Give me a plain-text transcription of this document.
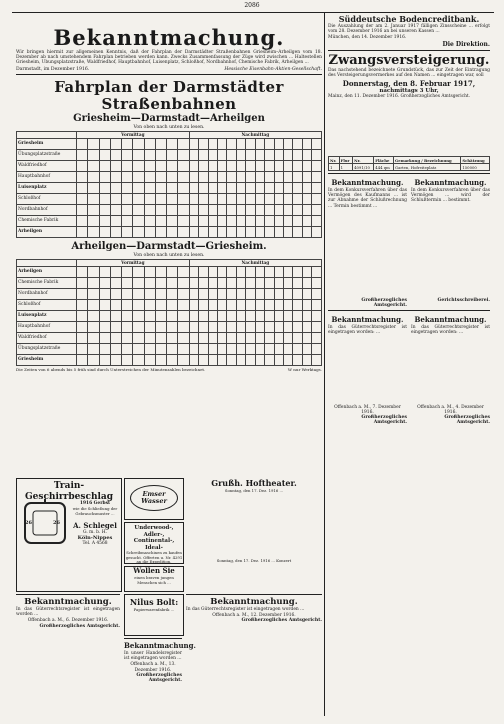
2086
Bekanntmachung.

Wir bringen hiermit zur allgemeinen Kenntnis, daß der Fahrplan der Darmstädter Straßenbahnen Griesheim–Arheilgen vom 18. Dezember ab nach umstehendem Fahrplan betrieben werden kann. Zwecks Zusammenfassung der Züge wird zwischen ... Haltestellen Griesheim, Ubungsplatzstraße, Waldfriedhof, Hauptbahnhof, Luisenplatz, Schloßhof, Nordbahnhof, Chemische Fabrik, Arheilgen ...

Darmstadt, im Dezember 1916.	Hessische Eisenbahn-Aktien-Gesellschaft.
Fahrplan der Darmstädter Straßenbahnen
Griesheim—Darmstadt—Arheilgen
Von oben nach unten zu lesen.
	Vormittag										Nachmittag													
Griesheim																								
Übungsplatzstraße																								
Waldfriedhof																								
Hauptbahnhof																								
Luisenplatz																								
Schloßhof																								
Nordbahnhof																								
Chemische Fabrik																								
Arheilgen																								
Arheilgen—Darmstadt—Griesheim.
Von oben nach unten zu lesen.
	Vormittag										Nachmittag													
Arheilgen																								
Chemische Fabrik																								
Nordbahnhof																								
Schloßhof																								
Luisenplatz																								
Hauptbahnhof																								
Waldfriedhof																								
Übungsplatzstraße																								
Griesheim																								
Die Zeiten von 6 abends bis 5 früh sind durch Unterstreichen der Minutenzahlen bezeichnet.	W nur Werktags.
Train-Geschirrbeschlag
26	26
1916 Gerbst
wie die Schließung der Gebrauchsmuster ...
A. Schlegel
G. m. b. H.
Köln-Nippes
Tel. A 4568
Emser Wasser
Underwood-, Adler-, Continental-, Ideal-
Schreibmaschinen zu kaufen gesucht. Offerten u. Nr. 4291 an die Expedition.
Wollen Sie
einen braven jungen Menschen sich ...
Nilus Bolt:
Papierwarenfabrik ...
Grußh. Hoftheater.
Sonntag, den 17. Dez. 1916 ...
Sonntag, den 17. Dez. 1916 ... Konzert
Bekanntmachung.

In das Güterrechtsregister ist eingetragen worden ...

Offenbach a. M., 6. Dezember 1916.
Großherzogliches Amtsgericht.
Bekanntmachung.

In unser Handelsregister ist eingetragen worden ...

Offenbach a. M., 13. Dezember 1916.
Großherzogliches Amtsgericht.
Bekanntmachung.

In das Güterrechtsregister ist eingetragen worden ...

Offenbach a. M., 12. Dezember 1916.
Großherzogliches Amtsgericht.
Süddeutsche Bodencreditbank.

Die Auszahlung der am 2. Januar 1917 fälligen Zinsscheine ... erfolgt vom 28. Dezember 1916 an bei unseren Kassen ...

München, den 14. Dezember 1916.
Die Direktion.
Zwangsversteigerung.

Das nachstehend bezeichnete Grundstück, das zur Zeit der Eintragung des Versteigerungsvermerkes auf den Namen ... eingetragen war, soll

Donnerstag, den 8. Februar 1917,
nachmittags 3 Uhr,

Mainz, den 11. Dezember 1916. Großherzogliches Amtsgericht.

Nr.	Flur	Nr.	Fläche	Gemarkung / Bezeichnung	Schätzung
1	1	4091/10	444 qm	Garten, Hofreiteplatz	150000
Bekanntmachung.

In dem Konkursverfahren über das Vermögen des Kaufmanns ... ist zur Abnahme der Schlußrechnung ... Termin bestimmt ...

Großherzogliches Amtsgericht.
Bekanntmachung.

In dem Konkursverfahren über das Vermögen ... wird der Schlußtermin ... bestimmt.

Gerichtsschreiberei.
Bekanntmachung.

In das Güterrechtsregister ist eingetragen worden: ...

Offenbach a. M., 7. Dezember 1916.
Großherzogliches Amtsgericht.
Bekanntmachung.

In das Güterrechtsregister ist eingetragen worden: ...

Offenbach a. M., 4. Dezember 1916.
Großherzogliches Amtsgericht.
